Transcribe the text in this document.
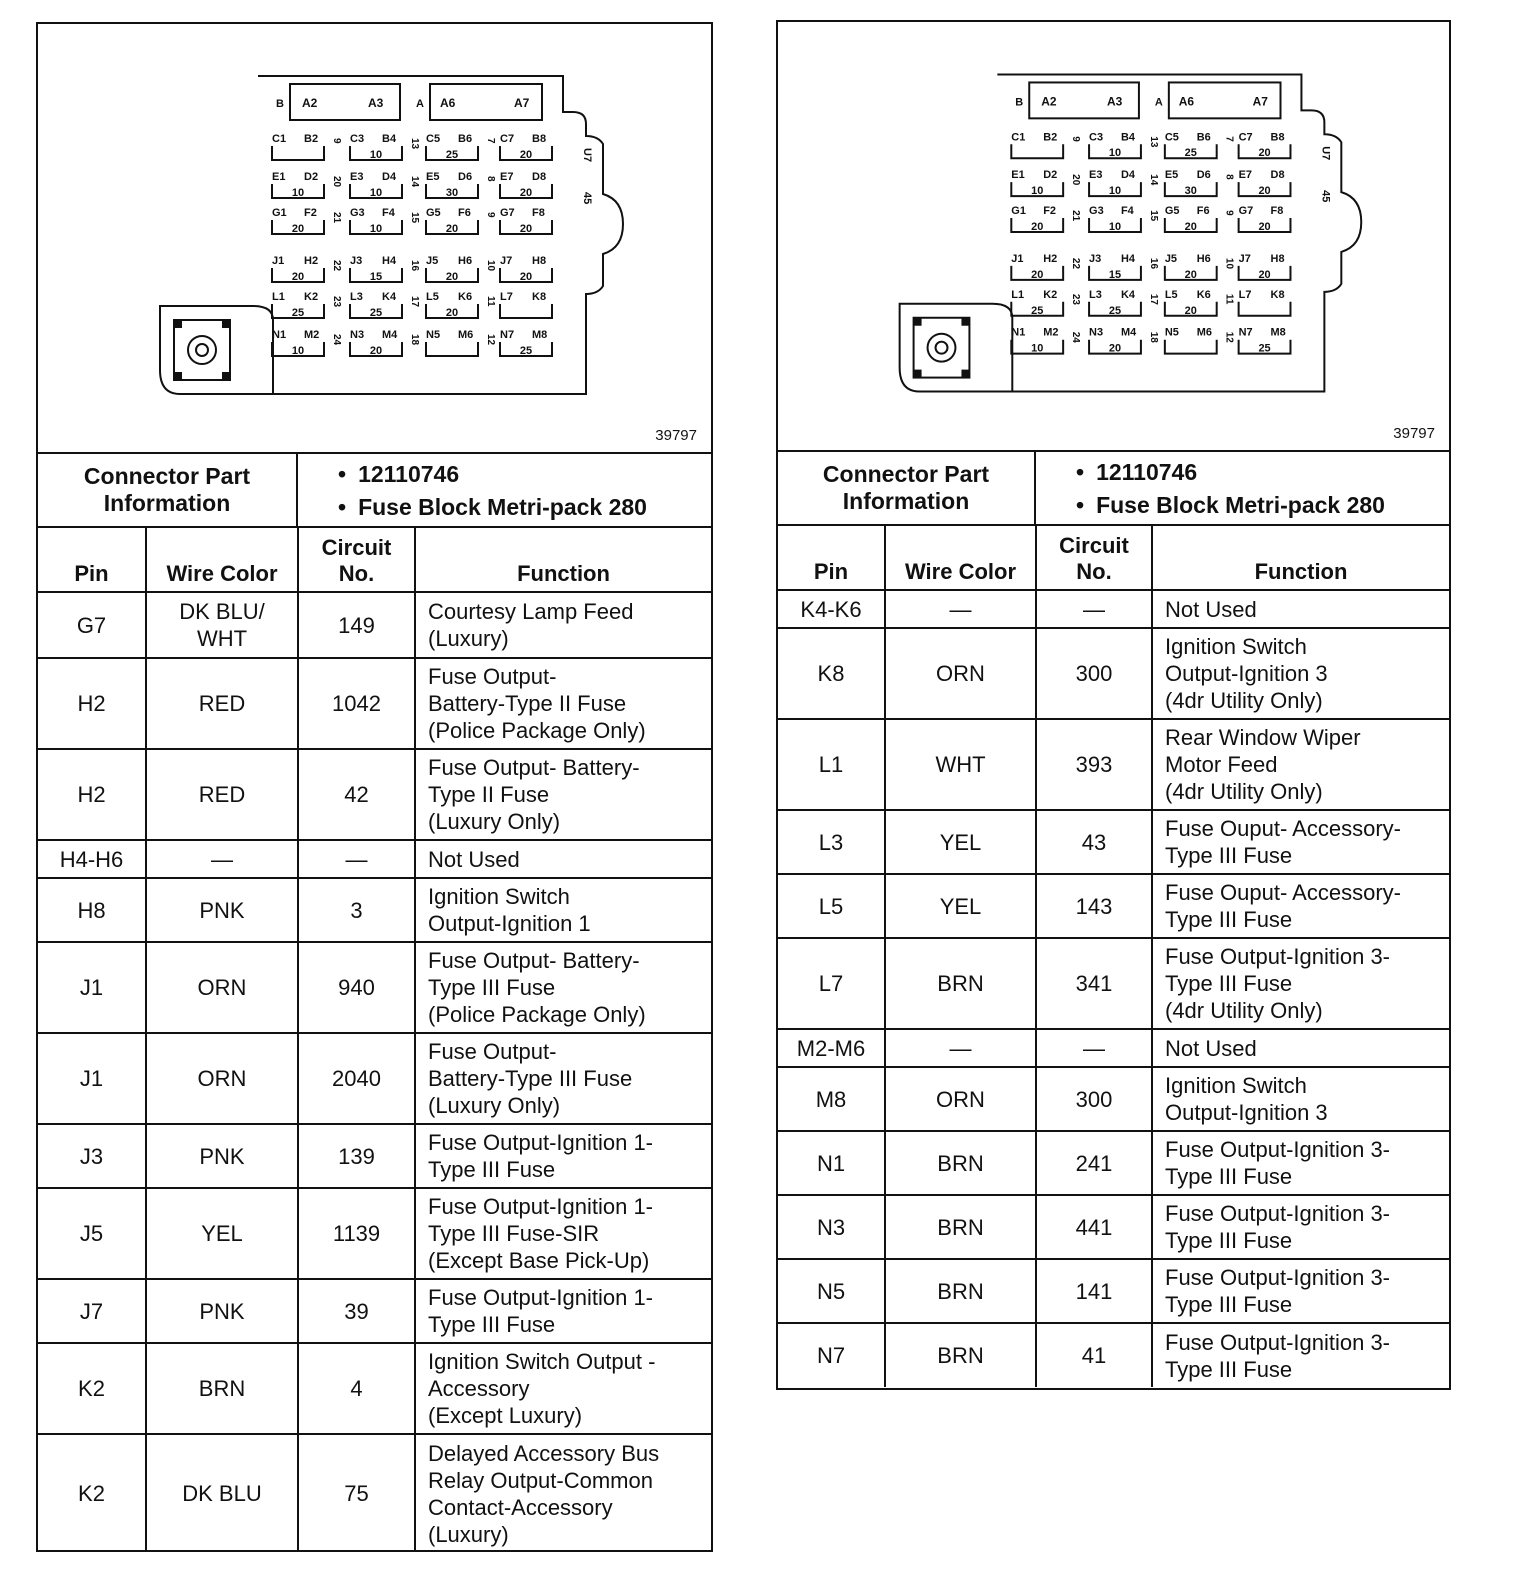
B A2	A3	A A6	A7
C1 B2 9 C3 B4
10
13 C5 B6
25
7 C7 B8
20
E1 D2
10
20 E3 D4
10
14 E5 D6
30
8 E7 D8
20
G1 F2
20
21 G3 F4
10
15 G5 F6
20
9 G7 F8
20
J1 H2
20
22 J3 H4
15
16 J5 H6
20
10 J7 H8
20
L1 K2
25
23 L3 K4
25
17 L5 K6
20
11 L7 K8
N1 M2
10
24 N3 M4
20
18 N5 M6 12 N7 M8
25
U7
45
39797
Connector Part
Information
• 12110746
• Fuse Block Metri-pack 280
Pin	Wire Color	Circuit
No.	Function
G7	DK BLU/
WHT	149	Courtesy Lamp Feed
(Luxury)
H2	RED	1042	Fuse Output-
Battery-Type II Fuse
(Police Package Only)
H2	RED	42	Fuse Output- Battery-
Type II Fuse
(Luxury Only)
H4-H6	—	—	Not Used
H8	PNK	3	Ignition Switch
Output-Ignition 1
J1	ORN	940	Fuse Output- Battery-
Type III Fuse
(Police Package Only)
J1	ORN	2040	Fuse Output-
Battery-Type III Fuse
(Luxury Only)
J3	PNK	139	Fuse Output-Ignition 1-
Type III Fuse
J5	YEL	1139	Fuse Output-Ignition 1-
Type III Fuse-SIR
(Except Base Pick-Up)
J7	PNK	39	Fuse Output-Ignition 1-
Type III Fuse
K2	BRN	4	Ignition Switch Output -
Accessory
(Except Luxury)
K2	DK BLU	75	Delayed Accessory Bus
Relay Output-Common
Contact-Accessory
(Luxury)
B A2	A3	A A6	A7
C1 B2 9 C3 B4
10
13 C5 B6
25
7 C7 B8
20
E1 D2
10
20 E3 D4
10
14 E5 D6
30
8 E7 D8
20
G1 F2
20
21 G3 F4
10
15 G5 F6
20
9 G7 F8
20
J1 H2
20
22 J3 H4
15
16 J5 H6
20
10 J7 H8
20
L1 K2
25
23 L3 K4
25
17 L5 K6
20
11 L7 K8
N1 M2
10
24 N3 M4
20
18 N5 M6 12 N7 M8
25
U7
45
39797
Connector Part
Information
• 12110746
• Fuse Block Metri-pack 280
Pin	Wire Color	Circuit
No.	Function
K4-K6	—	—	Not Used
K8	ORN	300	Ignition Switch
Output-Ignition 3
(4dr Utility Only)
L1	WHT	393	Rear Window Wiper
Motor Feed
(4dr Utility Only)
L3	YEL	43	Fuse Ouput- Accessory-
Type III Fuse
L5	YEL	143	Fuse Ouput- Accessory-
Type III Fuse
L7	BRN	341	Fuse Output-Ignition 3-
Type III Fuse
(4dr Utility Only)
M2-M6	—	—	Not Used
M8	ORN	300	Ignition Switch
Output-Ignition 3
N1	BRN	241	Fuse Output-Ignition 3-
Type III Fuse
N3	BRN	441	Fuse Output-Ignition 3-
Type III Fuse
N5	BRN	141	Fuse Output-Ignition 3-
Type III Fuse
N7	BRN	41	Fuse Output-Ignition 3-
Type III Fuse
